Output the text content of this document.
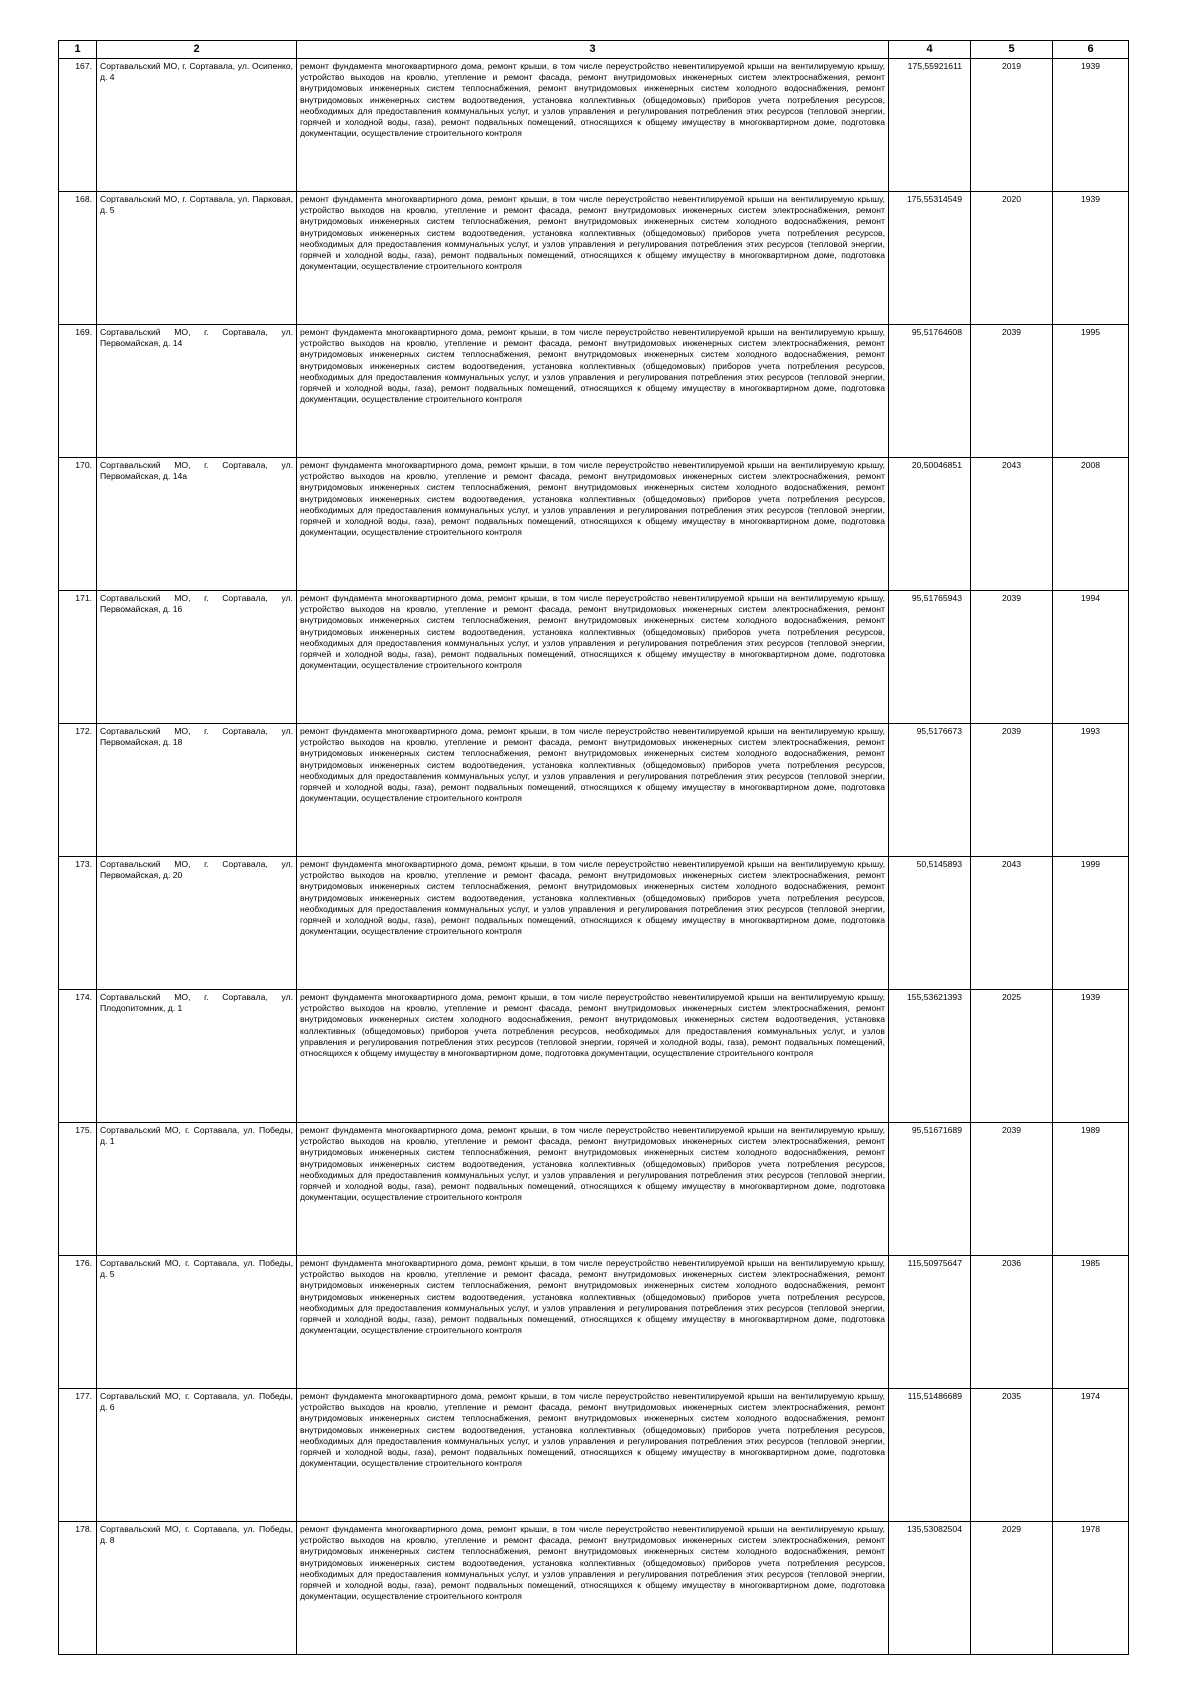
1	2	3	4	5	6
167.	Сортавальский МО, г. Сортавала, ул. Осипенко, д. 4	ремонт фундамента многоквартирного дома, ремонт крыши, в том числе переустройство невентилируемой крыши на вентилируемую крышу, устройство выходов на кровлю, утепление и ремонт фасада, ремонт внутридомовых инженерных систем электроснабжения, ремонт внутридомовых инженерных систем теплоснабжения, ремонт внутридомовых инженерных систем холодного водоснабжения, ремонт внутридомовых инженерных систем водоотведения, установка коллективных (общедомовых) приборов учета потребления ресурсов, необходимых для предоставления коммунальных услуг, и узлов управления и регулирования потребления этих ресурсов (тепловой энергии, горячей и холодной воды, газа), ремонт подвальных помещений, относящихся к общему имуществу в многоквартирном доме, подготовка документации, осуществление строительного контроля	175,55921611	2019	1939
168.	Сортавальский МО, г. Сортавала, ул. Парковая, д. 5	ремонт фундамента многоквартирного дома, ремонт крыши, в том числе переустройство невентилируемой крыши на вентилируемую крышу, устройство выходов на кровлю, утепление и ремонт фасада, ремонт внутридомовых инженерных систем электроснабжения, ремонт внутридомовых инженерных систем теплоснабжения, ремонт внутридомовых инженерных систем холодного водоснабжения, ремонт внутридомовых инженерных систем водоотведения, установка коллективных (общедомовых) приборов учета потребления ресурсов, необходимых для предоставления коммунальных услуг, и узлов управления и регулирования потребления этих ресурсов (тепловой энергии, горячей и холодной воды, газа), ремонт подвальных помещений, относящихся к общему имуществу в многоквартирном доме, подготовка документации, осуществление строительного контроля	175,55314549	2020	1939
169.	Сортавальский МО, г. Сортавала, ул. Первомайская, д. 14	ремонт фундамента многоквартирного дома, ремонт крыши, в том числе переустройство невентилируемой крыши на вентилируемую крышу, устройство выходов на кровлю, утепление и ремонт фасада, ремонт внутридомовых инженерных систем электроснабжения, ремонт внутридомовых инженерных систем теплоснабжения, ремонт внутридомовых инженерных систем холодного водоснабжения, ремонт внутридомовых инженерных систем водоотведения, установка коллективных (общедомовых) приборов учета потребления ресурсов, необходимых для предоставления коммунальных услуг, и узлов управления и регулирования потребления этих ресурсов (тепловой энергии, горячей и холодной воды, газа), ремонт подвальных помещений, относящихся к общему имуществу в многоквартирном доме, подготовка документации, осуществление строительного контроля	95,51764608	2039	1995
170.	Сортавальский МО, г. Сортавала, ул. Первомайская, д. 14а	ремонт фундамента многоквартирного дома, ремонт крыши, в том числе переустройство невентилируемой крыши на вентилируемую крышу, устройство выходов на кровлю, утепление и ремонт фасада, ремонт внутридомовых инженерных систем электроснабжения, ремонт внутридомовых инженерных систем теплоснабжения, ремонт внутридомовых инженерных систем холодного водоснабжения, ремонт внутридомовых инженерных систем водоотведения, установка коллективных (общедомовых) приборов учета потребления ресурсов, необходимых для предоставления коммунальных услуг, и узлов управления и регулирования потребления этих ресурсов (тепловой энергии, горячей и холодной воды, газа), ремонт подвальных помещений, относящихся к общему имуществу в многоквартирном доме, подготовка документации, осуществление строительного контроля	20,50046851	2043	2008
171.	Сортавальский МО, г. Сортавала, ул. Первомайская, д. 16	ремонт фундамента многоквартирного дома, ремонт крыши, в том числе переустройство невентилируемой крыши на вентилируемую крышу, устройство выходов на кровлю, утепление и ремонт фасада, ремонт внутридомовых инженерных систем электроснабжения, ремонт внутридомовых инженерных систем теплоснабжения, ремонт внутридомовых инженерных систем холодного водоснабжения, ремонт внутридомовых инженерных систем водоотведения, установка коллективных (общедомовых) приборов учета потребления ресурсов, необходимых для предоставления коммунальных услуг, и узлов управления и регулирования потребления этих ресурсов (тепловой энергии, горячей и холодной воды, газа), ремонт подвальных помещений, относящихся к общему имуществу в многоквартирном доме, подготовка документации, осуществление строительного контроля	95,51765943	2039	1994
172.	Сортавальский МО, г. Сортавала, ул. Первомайская, д. 18	ремонт фундамента многоквартирного дома, ремонт крыши, в том числе переустройство невентилируемой крыши на вентилируемую крышу, устройство выходов на кровлю, утепление и ремонт фасада, ремонт внутридомовых инженерных систем электроснабжения, ремонт внутридомовых инженерных систем теплоснабжения, ремонт внутридомовых инженерных систем холодного водоснабжения, ремонт внутридомовых инженерных систем водоотведения, установка коллективных (общедомовых) приборов учета потребления ресурсов, необходимых для предоставления коммунальных услуг, и узлов управления и регулирования потребления этих ресурсов (тепловой энергии, горячей и холодной воды, газа), ремонт подвальных помещений, относящихся к общему имуществу в многоквартирном доме, подготовка документации, осуществление строительного контроля	95,5176673	2039	1993
173.	Сортавальский МО, г. Сортавала, ул. Первомайская, д. 20	ремонт фундамента многоквартирного дома, ремонт крыши, в том числе переустройство невентилируемой крыши на вентилируемую крышу, устройство выходов на кровлю, утепление и ремонт фасада, ремонт внутридомовых инженерных систем электроснабжения, ремонт внутридомовых инженерных систем теплоснабжения, ремонт внутридомовых инженерных систем холодного водоснабжения, ремонт внутридомовых инженерных систем водоотведения, установка коллективных (общедомовых) приборов учета потребления ресурсов, необходимых для предоставления коммунальных услуг, и узлов управления и регулирования потребления этих ресурсов (тепловой энергии, горячей и холодной воды, газа), ремонт подвальных помещений, относящихся к общему имуществу в многоквартирном доме, подготовка документации, осуществление строительного контроля	50,5145893	2043	1999
174.	Сортавальский МО, г. Сортавала, ул. Плодопитомник, д. 1	ремонт фундамента многоквартирного дома, ремонт крыши, в том числе переустройство невентилируемой крыши на вентилируемую крышу, устройство выходов на кровлю, утепление и ремонт фасада, ремонт внутридомовых инженерных систем электроснабжения, ремонт внутридомовых инженерных систем холодного водоснабжения, ремонт внутридомовых инженерных систем водоотведения, установка коллективных (общедомовых) приборов учета потребления ресурсов, необходимых для предоставления коммунальных услуг, и узлов управления и регулирования потребления этих ресурсов (тепловой энергии, горячей и холодной воды, газа), ремонт подвальных помещений, относящихся к общему имуществу в многоквартирном доме, подготовка документации, осуществление строительного контроля	155,53621393	2025	1939
175.	Сортавальский МО, г. Сортавала, ул. Победы, д. 1	ремонт фундамента многоквартирного дома, ремонт крыши, в том числе переустройство невентилируемой крыши на вентилируемую крышу, устройство выходов на кровлю, утепление и ремонт фасада, ремонт внутридомовых инженерных систем электроснабжения, ремонт внутридомовых инженерных систем теплоснабжения, ремонт внутридомовых инженерных систем холодного водоснабжения, ремонт внутридомовых инженерных систем водоотведения, установка коллективных (общедомовых) приборов учета потребления ресурсов, необходимых для предоставления коммунальных услуг, и узлов управления и регулирования потребления этих ресурсов (тепловой энергии, горячей и холодной воды, газа), ремонт подвальных помещений, относящихся к общему имуществу в многоквартирном доме, подготовка документации, осуществление строительного контроля	95,51671689	2039	1989
176.	Сортавальский МО, г. Сортавала, ул. Победы, д. 5	ремонт фундамента многоквартирного дома, ремонт крыши, в том числе переустройство невентилируемой крыши на вентилируемую крышу, устройство выходов на кровлю, утепление и ремонт фасада, ремонт внутридомовых инженерных систем электроснабжения, ремонт внутридомовых инженерных систем теплоснабжения, ремонт внутридомовых инженерных систем холодного водоснабжения, ремонт внутридомовых инженерных систем водоотведения, установка коллективных (общедомовых) приборов учета потребления ресурсов, необходимых для предоставления коммунальных услуг, и узлов управления и регулирования потребления этих ресурсов (тепловой энергии, горячей и холодной воды, газа), ремонт подвальных помещений, относящихся к общему имуществу в многоквартирном доме, подготовка документации, осуществление строительного контроля	115,50975647	2036	1985
177.	Сортавальский МО, г. Сортавала, ул. Победы, д. 6	ремонт фундамента многоквартирного дома, ремонт крыши, в том числе переустройство невентилируемой крыши на вентилируемую крышу, устройство выходов на кровлю, утепление и ремонт фасада, ремонт внутридомовых инженерных систем электроснабжения, ремонт внутридомовых инженерных систем теплоснабжения, ремонт внутридомовых инженерных систем холодного водоснабжения, ремонт внутридомовых инженерных систем водоотведения, установка коллективных (общедомовых) приборов учета потребления ресурсов, необходимых для предоставления коммунальных услуг, и узлов управления и регулирования потребления этих ресурсов (тепловой энергии, горячей и холодной воды, газа), ремонт подвальных помещений, относящихся к общему имуществу в многоквартирном доме, подготовка документации, осуществление строительного контроля	115,51486689	2035	1974
178.	Сортавальский МО, г. Сортавала, ул. Победы, д. 8	ремонт фундамента многоквартирного дома, ремонт крыши, в том числе переустройство невентилируемой крыши на вентилируемую крышу, устройство выходов на кровлю, утепление и ремонт фасада, ремонт внутридомовых инженерных систем электроснабжения, ремонт внутридомовых инженерных систем теплоснабжения, ремонт внутридомовых инженерных систем холодного водоснабжения, ремонт внутридомовых инженерных систем водоотведения, установка коллективных (общедомовых) приборов учета потребления ресурсов, необходимых для предоставления коммунальных услуг, и узлов управления и регулирования потребления этих ресурсов (тепловой энергии, горячей и холодной воды, газа), ремонт подвальных помещений, относящихся к общему имуществу в многоквартирном доме, подготовка документации, осуществление строительного контроля	135,53082504	2029	1978
